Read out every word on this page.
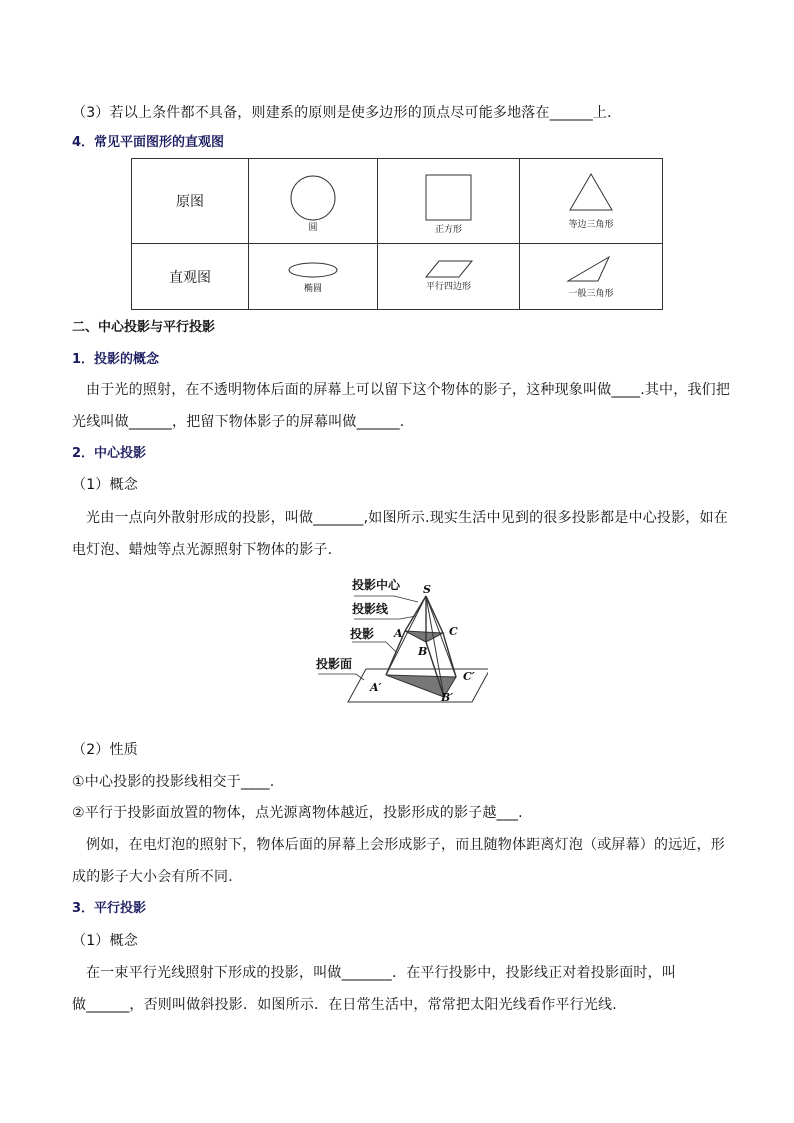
（3）若以上条件都不具备，则建系的原则是使多边形的顶点尽可能多地落在______上．
4．常见平面图形的直观图
原图	圆	正方形	等边三角形

直观图	椭圆	平行四边形	一般三角形
二、中心投影与平行投影
1．投影的概念
由于光的照射，在不透明物体后面的屏幕上可以留下这个物体的影子，这种现象叫做____.其中，我们把
光线叫做______，把留下物体影子的屏幕叫做______.
2．中心投影
（1）概念
光由一点向外散射形成的投影，叫做_______,如图所示.现实生活中见到的很多投影都是中心投影，如在
电灯泡、蜡烛等点光源照射下物体的影子.
投影中心 S
投影线
投影 A	C
B
投影面
A′
B′
C′
（2）性质
①中心投影的投影线相交于____.
②平行于投影面放置的物体，点光源离物体越近，投影形成的影子越___.
例如，在电灯泡的照射下，物体后面的屏幕上会形成影子，而且随物体距离灯泡（或屏幕）的远近，形
成的影子大小会有所不同.
3．平行投影
（1）概念
在一束平行光线照射下形成的投影，叫做_______．在平行投影中，投影线正对着投影面时，叫
做______，否则叫做斜投影．如图所示．在日常生活中，常常把太阳光线看作平行光线.
